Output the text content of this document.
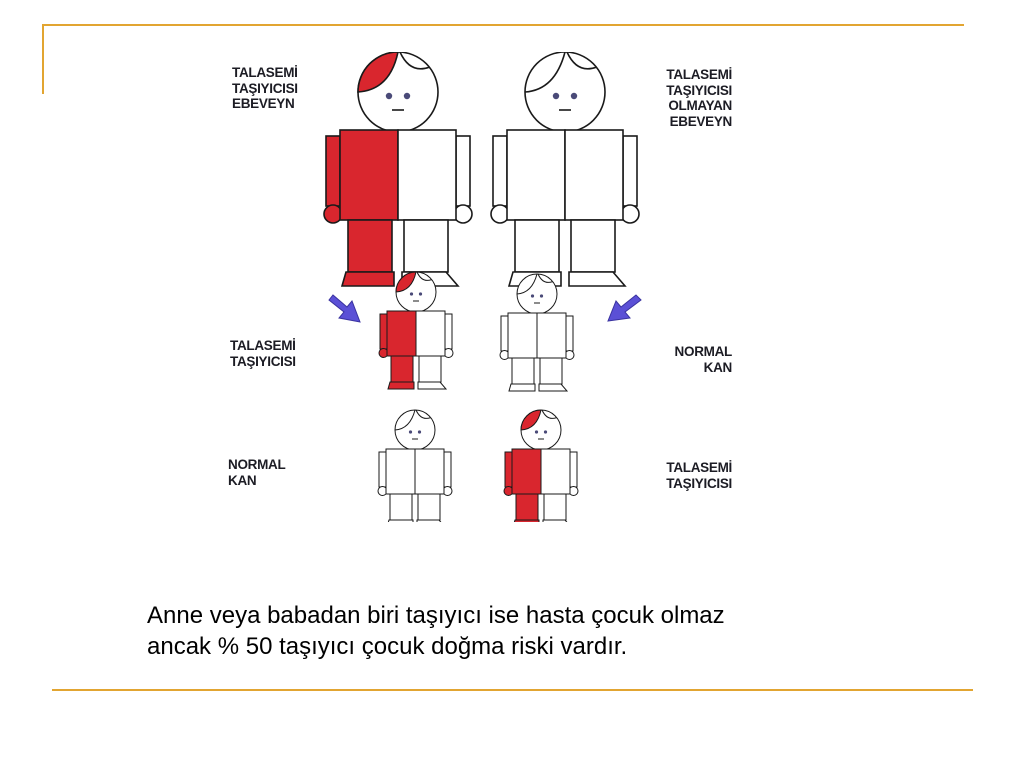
TALASEMİ
TAŞIYICISI
EBEVEYN
TALASEMİ
TAŞIYICISI
OLMAYAN
EBEVEYN
TALASEMİ
TAŞIYICISI
NORMAL
KAN
NORMAL
KAN
TALASEMİ
TAŞIYICISI
Anne veya babadan biri taşıyıcı ise hasta çocuk olmaz
ancak % 50 taşıyıcı çocuk doğma riski vardır.
